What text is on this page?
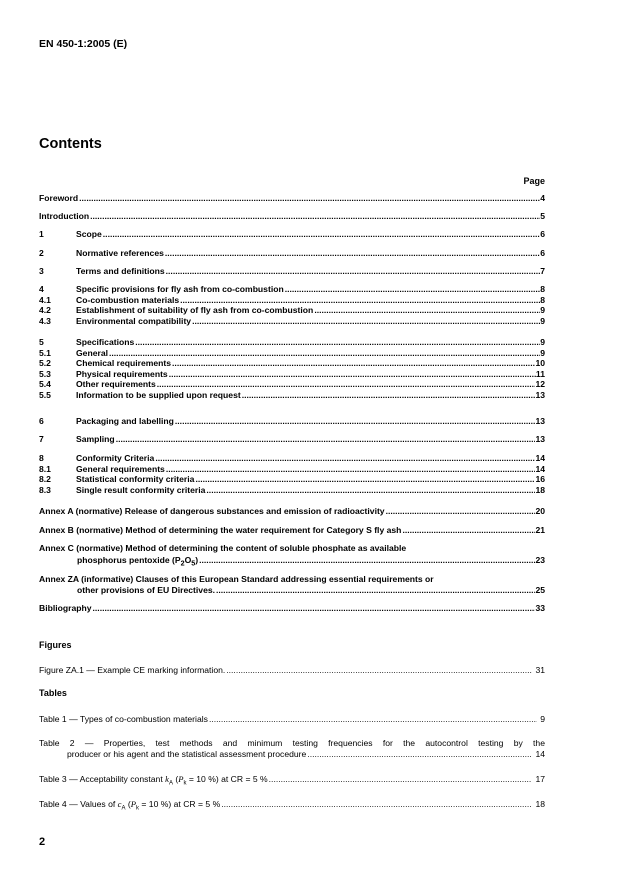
EN 450-1:2005 (E)
Contents
Page
Foreword .....	4
Introduction .....	5
1	Scope .....	6
2	Normative references .....	6
3	Terms and definitions .....	7
4	Specific provisions for fly ash from co-combustion .....	8
4.1	Co-combustion materials .....	8
4.2	Establishment of suitability of fly ash from co-combustion .....	9
4.3	Environmental compatibility .....	9
5	Specifications .....	9
5.1	General .....	9
5.2	Chemical requirements .....	10
5.3	Physical requirements .....	11
5.4	Other requirements .....	12
5.5	Information to be supplied upon request .....	13
6	Packaging and labelling .....	13
7	Sampling .....	13
8	Conformity Criteria .....	14
8.1	General requirements .....	14
8.2	Statistical conformity criteria .....	16
8.3	Single result conformity criteria .....	18
Annex A (normative) Release of dangerous substances and emission of radioactivity .....	20
Annex B (normative) Method of determining the water requirement for Category S fly ash .....	21
Annex C (normative) Method of determining the content of soluble phosphate as available
phosphorus pentoxide $(P_2O_5)$ .....	23
Annex ZA (informative) Clauses of this European Standard addressing essential requirements or
other provisions of EU Directives. .....	25
Bibliography .....	33
Figures
Figure ZA.1 — Example CE marking information. .....	31
Tables
Table 1 — Types of co-combustion materials .....	9
Table 2 — Properties, test methods and minimum testing frequencies for the autocontrol testing by the
producer or his agent and the statistical assessment procedure .....	14
Table 3 — Acceptability constant $k_A$ ($P_k = 10$ %) at CR = 5 % .....	17
Table 4 — Values of $c_A$ ($P_k = 10$ %) at CR = 5 % .....	18
2
